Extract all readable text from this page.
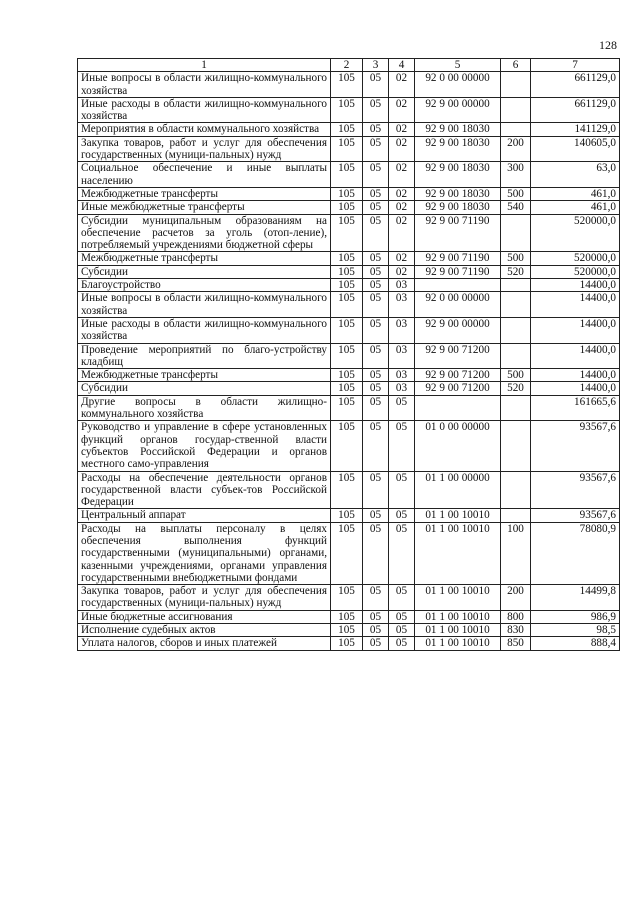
128
1	2	3	4	5	6	7
Иные вопросы в области жилищно-коммунального хозяйства	105	05	02	92 0 00 00000		661129,0
Иные расходы в области жилищно-коммунального хозяйства	105	05	02	92 9 00 00000		661129,0
Мероприятия в области коммунального хозяйства	105	05	02	92 9 00 18030		141129,0
Закупка товаров, работ и услуг для обеспечения государственных (муници-пальных) нужд	105	05	02	92 9 00 18030	200	140605,0
Социальное обеспечение и иные выплаты населению	105	05	02	92 9 00 18030	300	63,0
Межбюджетные трансферты	105	05	02	92 9 00 18030	500	461,0
Иные межбюджетные трансферты	105	05	02	92 9 00 18030	540	461,0
Субсидии муниципальным образованиям на обеспечение расчетов за уголь (отоп-ление), потребляемый учреждениями бюджетной сферы	105	05	02	92 9 00 71190		520000,0
Межбюджетные трансферты	105	05	02	92 9 00 71190	500	520000,0
Субсидии	105	05	02	92 9 00 71190	520	520000,0
Благоустройство	105	05	03			14400,0
Иные вопросы в области жилищно-коммунального хозяйства	105	05	03	92 0 00 00000		14400,0
Иные расходы в области жилищно-коммунального хозяйства	105	05	03	92 9 00 00000		14400,0
Проведение мероприятий по благо-устройству кладбищ	105	05	03	92 9 00 71200		14400,0
Межбюджетные трансферты	105	05	03	92 9 00 71200	500	14400,0
Субсидии	105	05	03	92 9 00 71200	520	14400,0
Другие вопросы в области жилищно-коммунального хозяйства	105	05	05			161665,6
Руководство и управление в сфере установленных функций органов государ-ственной власти субъектов Российской Федерации и органов местного само-управления	105	05	05	01 0 00 00000		93567,6
Расходы на обеспечение деятельности органов государственной власти субъек-тов Российской Федерации	105	05	05	01 1 00 00000		93567,6
Центральный аппарат	105	05	05	01 1 00 10010		93567,6
Расходы на выплаты персоналу в целях обеспечения выполнения функций государственными (муниципальными) органами, казенными учреждениями, органами управления государственными внебюджетными фондами	105	05	05	01 1 00 10010	100	78080,9
Закупка товаров, работ и услуг для обеспечения государственных (муници-пальных) нужд	105	05	05	01 1 00 10010	200	14499,8
Иные бюджетные ассигнования	105	05	05	01 1 00 10010	800	986,9
Исполнение судебных актов	105	05	05	01 1 00 10010	830	98,5
Уплата налогов, сборов и иных платежей	105	05	05	01 1 00 10010	850	888,4
